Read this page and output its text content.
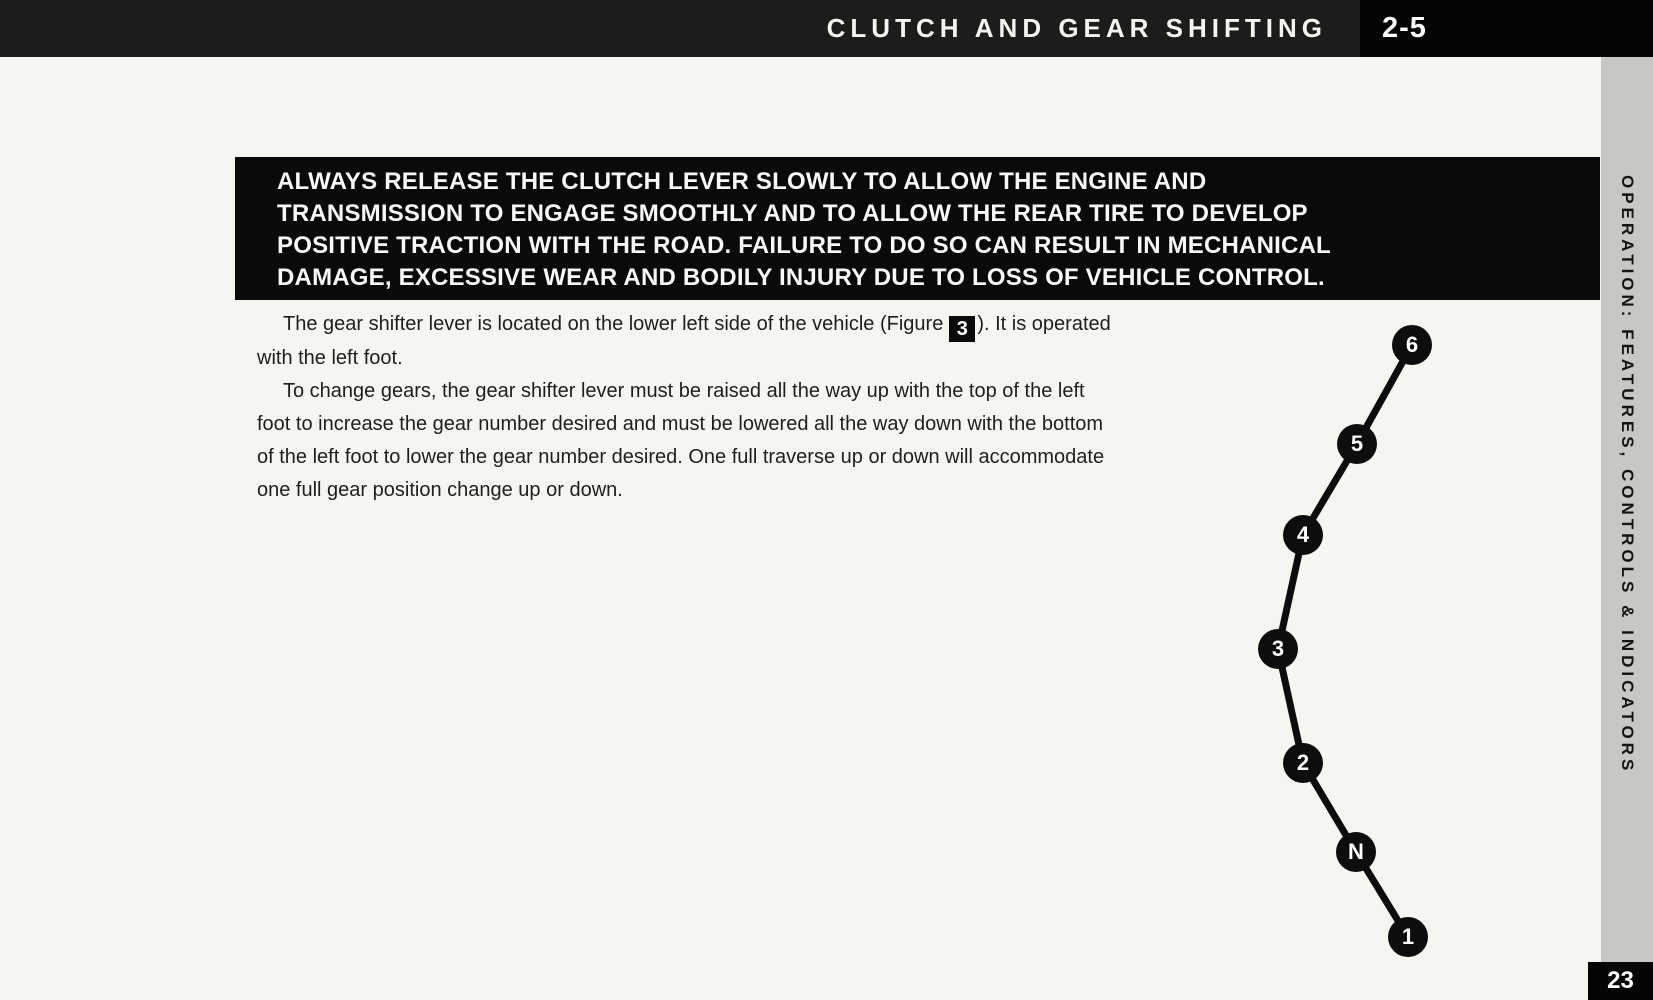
CLUTCH AND GEAR SHIFTING 2-5
ALWAYS RELEASE THE CLUTCH LEVER SLOWLY TO ALLOW THE ENGINE AND
TRANSMISSION TO ENGAGE SMOOTHLY AND TO ALLOW THE REAR TIRE TO DEVELOP
POSITIVE TRACTION WITH THE ROAD. FAILURE TO DO SO CAN RESULT IN MECHANICAL
DAMAGE, EXCESSIVE WEAR AND BODILY INJURY DUE TO LOSS OF VEHICLE CONTROL.
The gear shifter lever is located on the lower left side of the vehicle (Figure 3 ). It is operated
with the left foot.
To change gears, the gear shifter lever must be raised all the way up with the top of the left
foot to increase the gear number desired and must be lowered all the way down with the bottom
of the left foot to lower the gear number desired. One full traverse up or down will accommodate
one full gear position change up or down.
6
5
4
3
2
N
1
OPERATION: FEATURES, CONTROLS & INDICATORS
23
